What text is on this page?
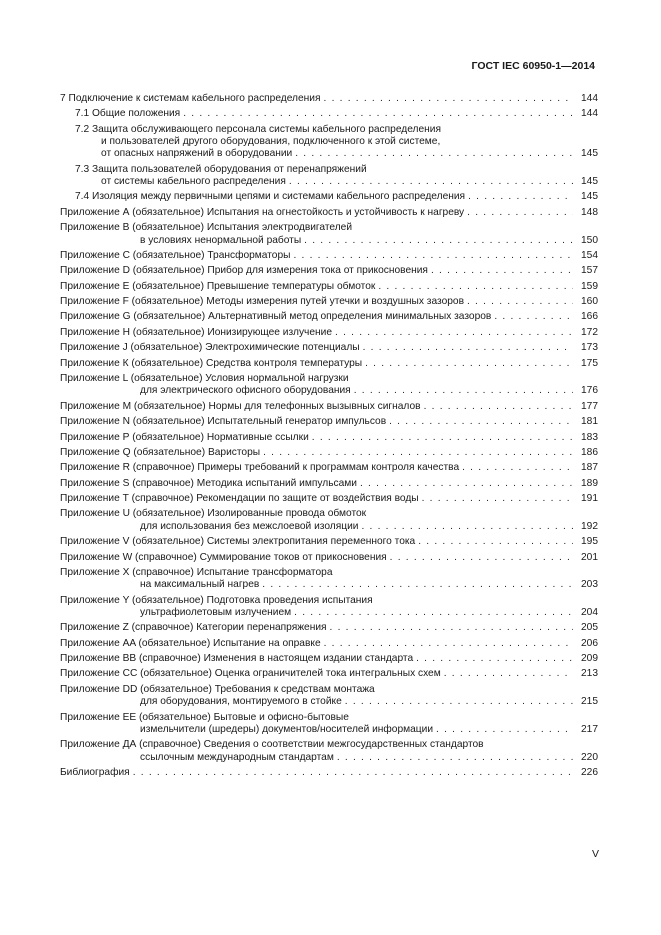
ГОСТ IEC 60950-1—2014
7 Подключение к системам кабельного распределения . . .	144
7.1 Общие положения . . .	144
7.2 Защита обслуживающего персонала системы кабельного распределения
и пользователей другого оборудования, подключенного к этой системе,
от опасных напряжений в оборудовании . . .	145
7.3 Защита пользователей оборудования от перенапряжений
от системы кабельного распределения . . .	145
7.4 Изоляция между первичными цепями и системами кабельного распределения . . .	145
Приложение А (обязательное) Испытания на огнестойкость и устойчивость к нагреву . . .	148
Приложение В (обязательное) Испытания электродвигателей
в условиях ненормальной работы . . .	150
Приложение С (обязательное) Трансформаторы . . .	154
Приложение D (обязательное) Прибор для измерения тока от прикосновения . . .	157
Приложение Е (обязательное) Превышение температуры обмоток . . .	159
Приложение F (обязательное) Методы измерения путей утечки и воздушных зазоров . . .	160
Приложение G (обязательное) Альтернативный метод определения минимальных зазоров . . .	166
Приложение H (обязательное) Ионизирующее излучение . . .	172
Приложение J (обязательное) Электрохимические потенциалы . . .	173
Приложение К (обязательное) Средства контроля температуры . . .	175
Приложение L (обязательное) Условия нормальной нагрузки
для электрического офисного оборудования . . .	176
Приложение М (обязательное) Нормы для телефонных вызывных сигналов . . .	177
Приложение N (обязательное) Испытательный генератор импульсов . . .	181
Приложение Р (обязательное) Нормативные ссылки . . .	183
Приложение Q (обязательное) Варисторы . . .	186
Приложение R (справочное) Примеры требований к программам контроля качества . . .	187
Приложение S (справочное) Методика испытаний импульсами . . .	189
Приложение Т (справочное) Рекомендации по защите от воздействия воды . . .	191
Приложение U (обязательное) Изолированные провода обмоток
для использования без межслоевой изоляции . . .	192
Приложение V (обязательное) Системы электропитания переменного тока . . .	195
Приложение W (справочное) Суммирование токов от прикосновения . . .	201
Приложение X (справочное) Испытание трансформатора
на максимальный нагрев . . .	203
Приложение Y (обязательное) Подготовка проведения испытания
ультрафиолетовым излучением . . .	204
Приложение Z (справочное) Категории перенапряжения . . .	205
Приложение AA (обязательное) Испытание на оправке . . .	206
Приложение BB (справочное) Изменения в настоящем издании стандарта . . .	209
Приложение CC (обязательное) Оценка ограничителей тока интегральных схем . . .	213
Приложение DD (обязательное) Требования к средствам монтажа
для оборудования, монтируемого в стойке . . .	215
Приложение ЕЕ (обязательное) Бытовые и офисно-бытовые
измельчители (шредеры) документов/носителей информации . . .	217
Приложение ДА (справочное) Сведения о соответствии межгосударственных стандартов
ссылочным международным стандартам . . .	220
Библиография . . .	226
V
